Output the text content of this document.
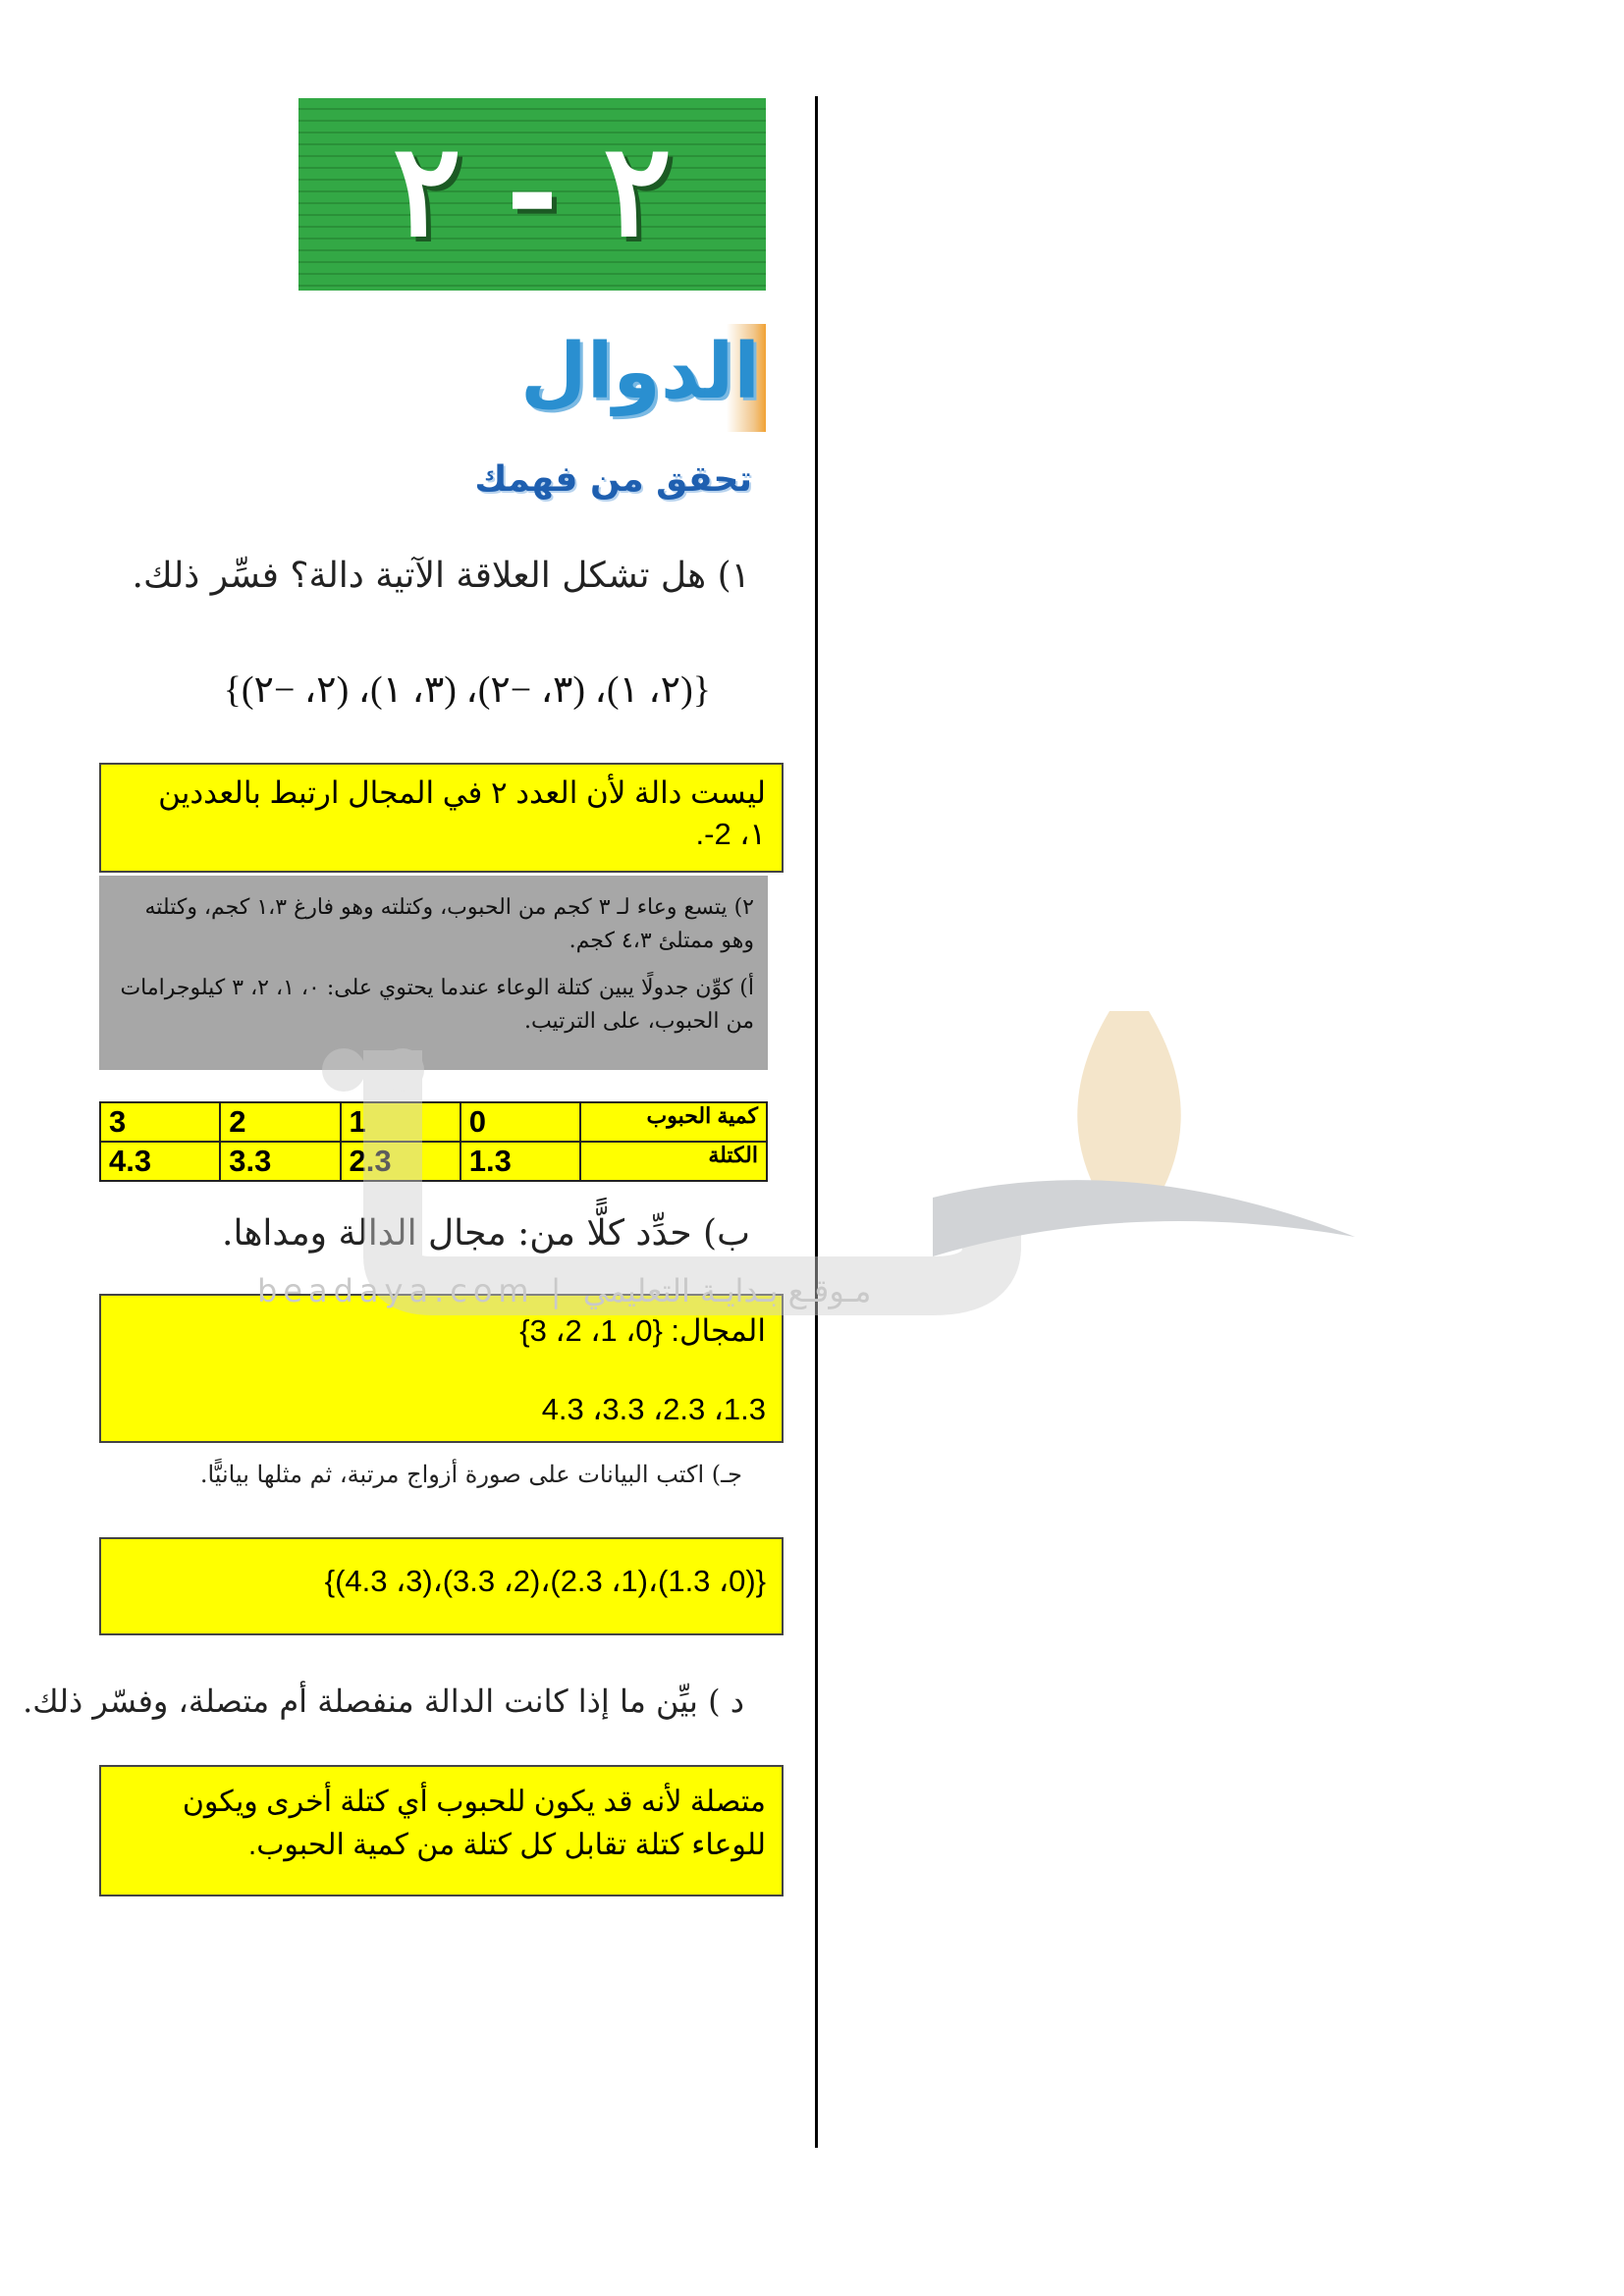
٢ - ٢
الدوال
تحقق من فهمك
١) هل تشكل العلاقة الآتية دالة؟ فسِّر ذلك.
{(٢، ١)، (٣، −٢)، (٣، ١)، (٢، −٢)}
ليست دالة لأن العدد ٢ في المجال ارتبط بالعددين
١، 2-.

٢) يتسع وعاء لـ ٣ كجم من الحبوب، وكتلته وهو فارغ ١،٣ كجم، وكتلته وهو ممتلئ ٤،٣ كجم.

أ) كوِّن جدولًا يبين كتلة الوعاء عندما يحتوي على: ٠، ١، ٢، ٣ كيلوجرامات من الحبوب، على الترتيب.

كمية الحبوب	0	1	2	3
الكتلة	1.3	2.3	3.3	4.3
ب) حدِّد كلًّا من: مجال الدالة ومداها.
المجال: {0، 1، 2، 3}
1.3، 2.3، 3.3، 4.3
جـ) اكتب البيانات على صورة أزواج مرتبة، ثم مثلها بيانيًّا.
{(0، 1.3)،(1، 2.3)،(2، 3.3)،(3، 4.3)}
د ) بيِّن ما إذا كانت الدالة منفصلة أم متصلة، وفسّر ذلك.
متصلة لأنه قد يكون للحبوب أي كتلة أخرى ويكون للوعاء كتلة تقابل كل كتلة من كمية الحبوب.
beadaya.com | مـوقـع بـدايـة التعليمي
